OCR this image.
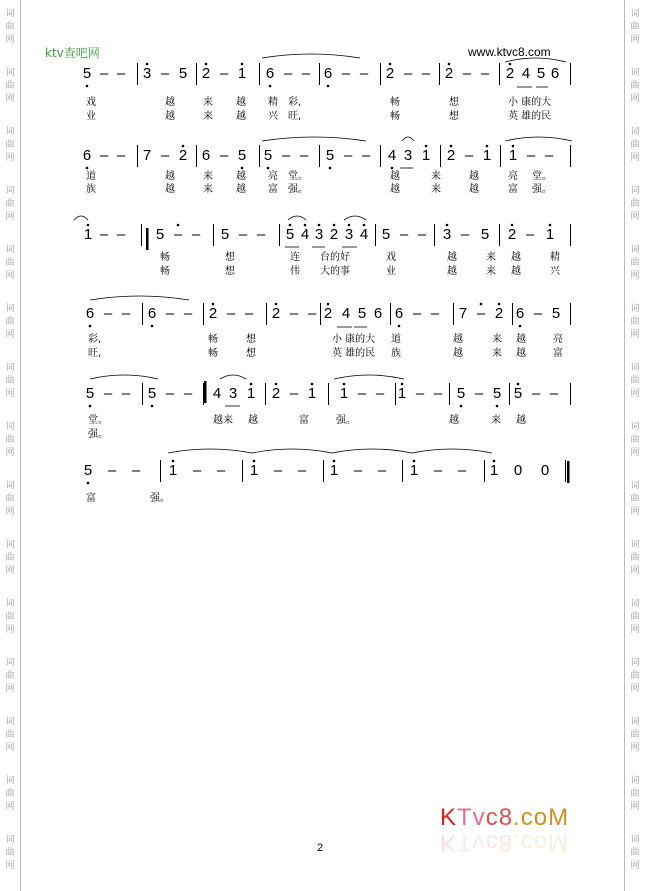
词
曲
网
词
曲
网
词
曲
网
词
曲
网
词
曲
网
词
曲
网
词
曲
网
词
曲
网
词
曲
网
词
曲
网
词
曲
网
词
曲
网
词
曲
网
词
曲
网
词
曲
网
词
曲
网
词
曲
网
词
曲
网
词
曲
网
词
曲
网
词
曲
网
词
曲
网
词
曲
网
词
曲
网
词
曲
网
词
曲
网
词
曲
网
词
曲
网
词
曲
网
词
曲
网
ktv查吧网	www.ktvc8.com
5 – – 3 – 5 2 – 1 6 – – 6 – – 2 – – 2 – – 2 4 5 6
戏	越	来 越 精 彩,	畅	想	小 康的大
业	越	来 越 兴 旺,	畅	想	英 雄的民
6 – – 7 – 2 6 – 5 5 – – 5 – – 4 3 1 2 – 1 1 – –
道	越	来 越 亮 堂。	越	来	越	亮 堂。
族	越	来 越 富 强。	越	来	越	富 强。
1 – – 5 – – 5 – – 5 4 3 2 3 4 5 – – 3 – 5 2 – 1
畅	想	连 台的好	戏	越	来 越	精
畅	想	伟 大的事	业	越	来 越	兴
6 – – 6 – – 2 – – 2 – – 2 4 5 6 6 – – 7 – 2 6 – 5
彩,	畅	想	小 康的大 道	越	来 越	亮
旺,	畅	想	英 雄的民 族	越	来 越	富
5 – – 5 – – 4 3 1 2 – 1 1 – – 1 – – 5 – 5 5 – –
堂。	越来 越	富	强。	越	来 越
强。
5 – – 1 – – 1 – – 1 – – 1 – – 1 0 0
富	强。
KTvc8.coM
KTvc8.coM
2
